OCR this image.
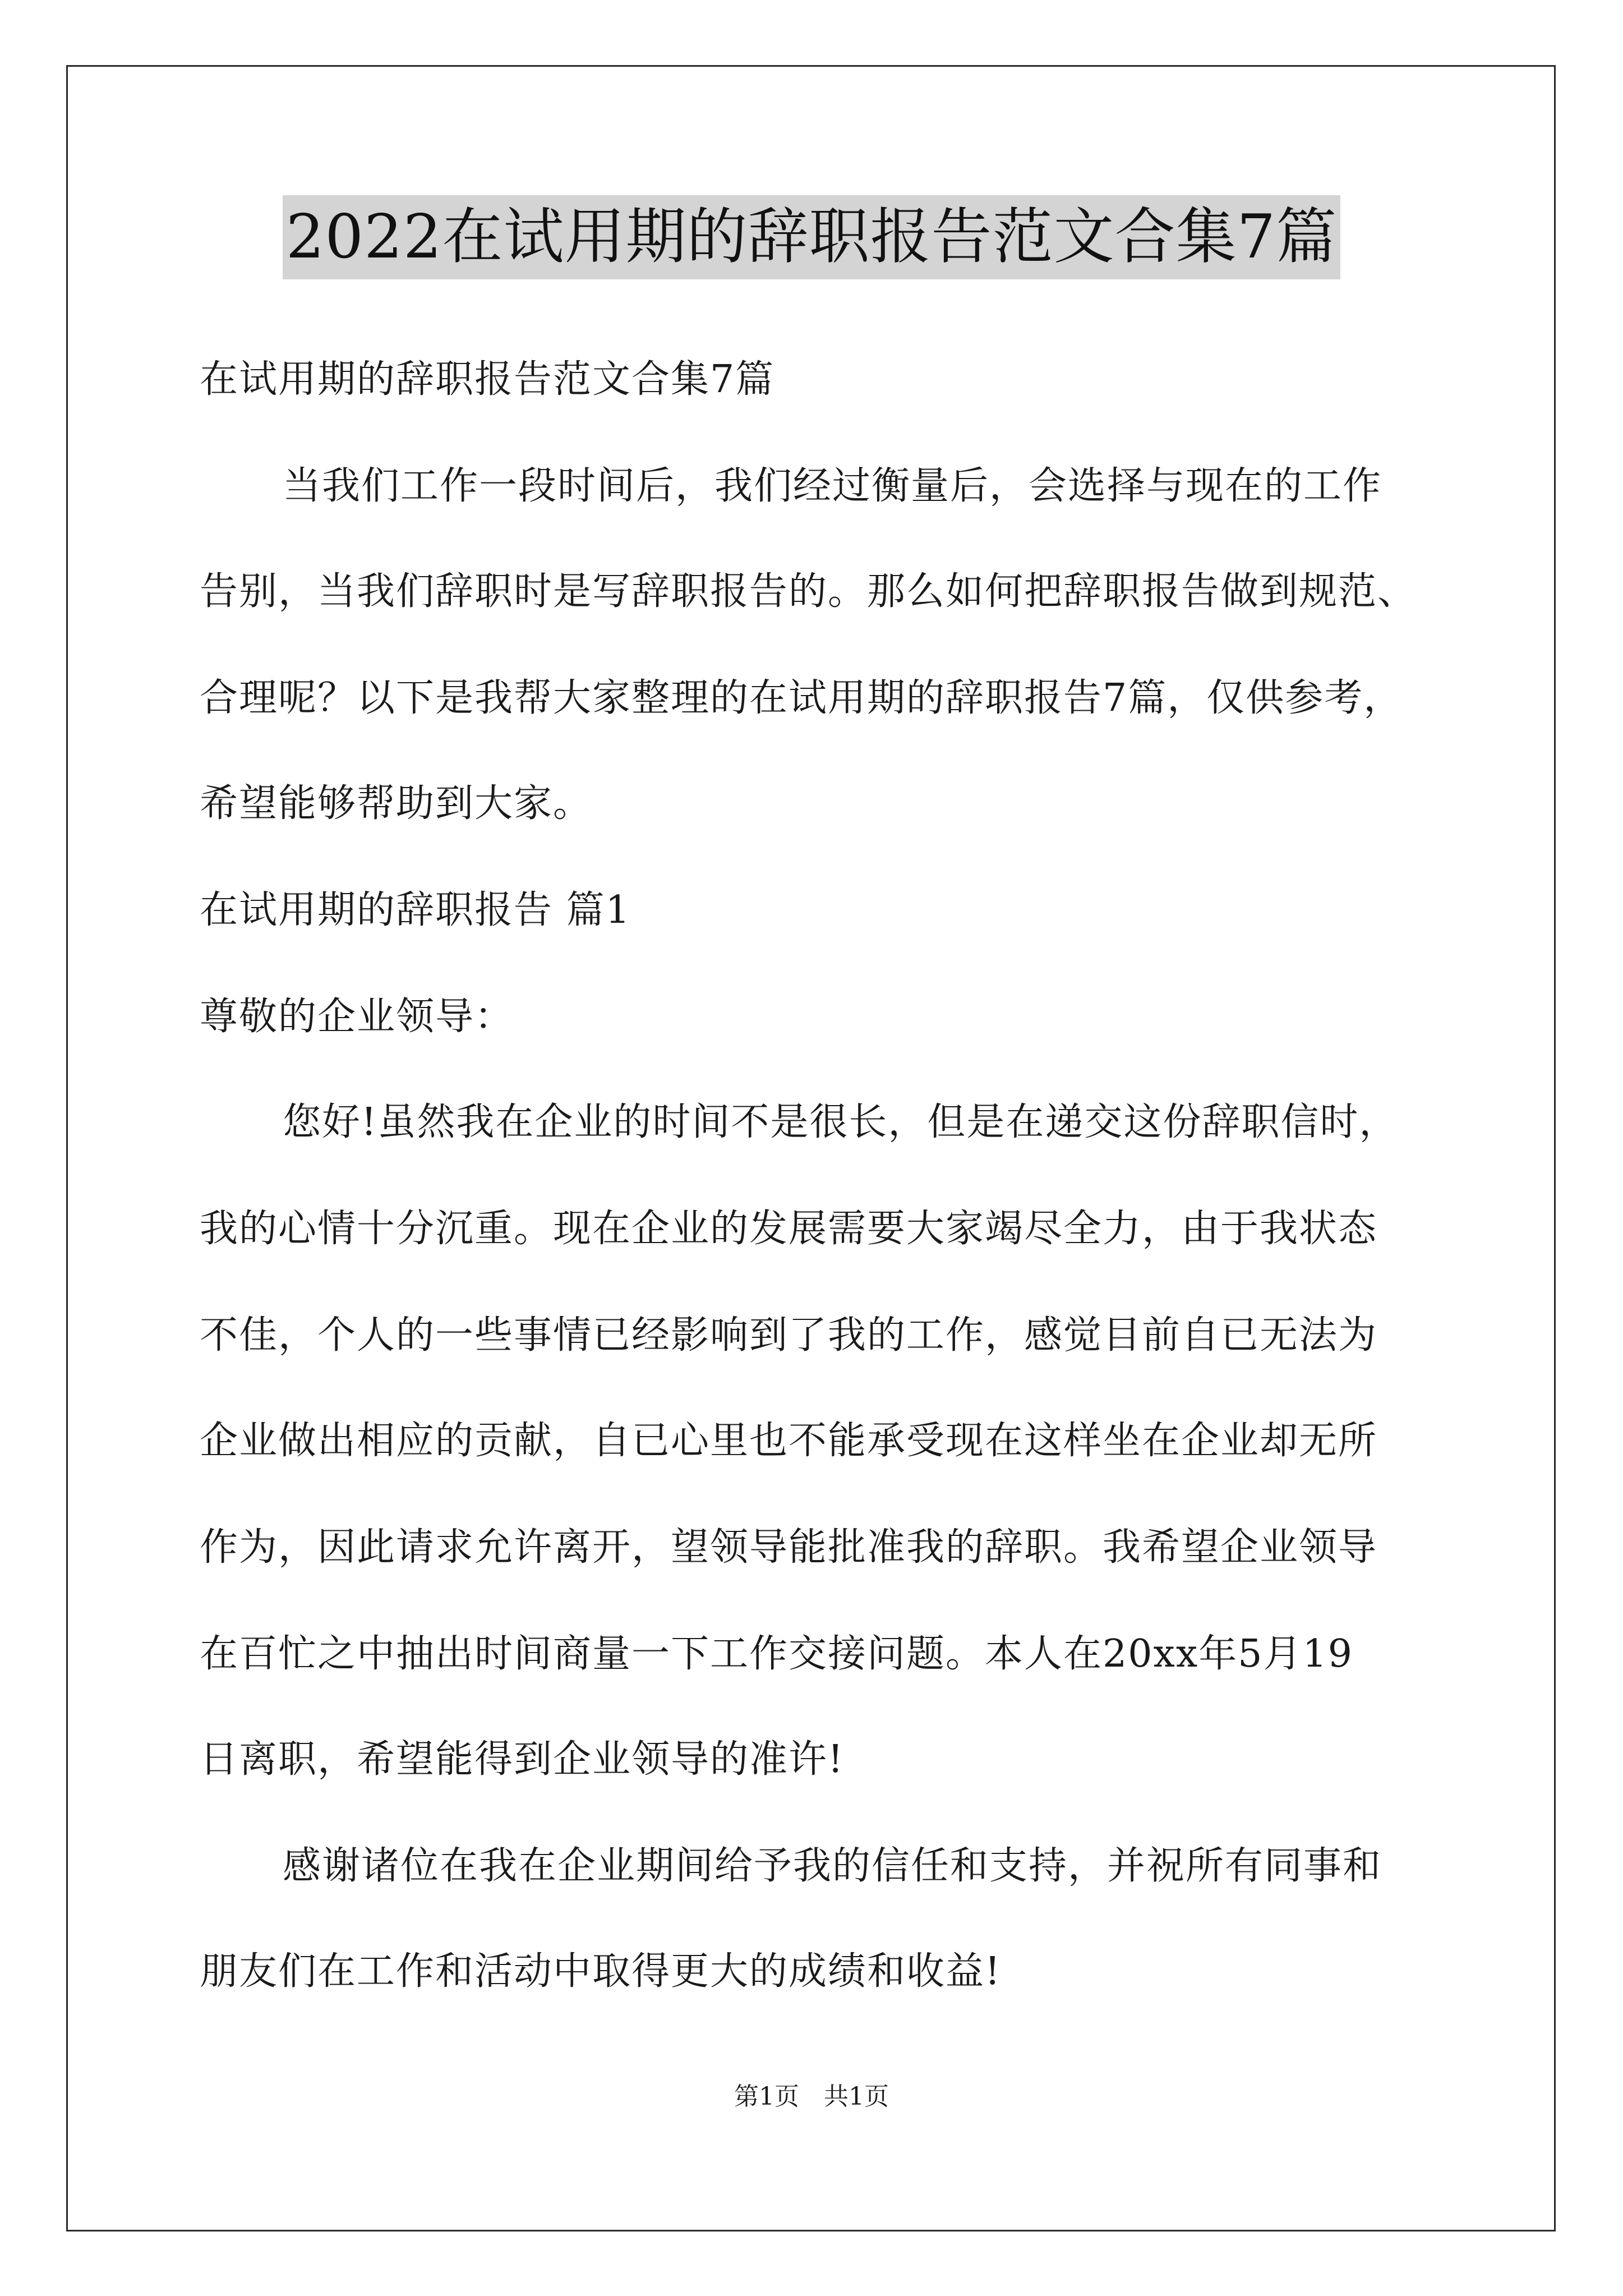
2022在试用期的辞职报告范文合集7篇
在试用期的辞职报告范文合集7篇
当我们工作一段时间后，我们经过衡量后，会选择与现在的工作
告别，当我们辞职时是写辞职报告的。那么如何把辞职报告做到规范、
合理呢？以下是我帮大家整理的在试用期的辞职报告7篇，仅供参考，
希望能够帮助到大家。
在试用期的辞职报告 篇1
尊敬的企业领导：
您好!虽然我在企业的时间不是很长，但是在递交这份辞职信时，
我的心情十分沉重。现在企业的发展需要大家竭尽全力，由于我状态
不佳，个人的一些事情已经影响到了我的工作，感觉目前自已无法为
企业做出相应的贡献，自已心里也不能承受现在这样坐在企业却无所
作为，因此请求允许离开，望领导能批准我的辞职。我希望企业领导
在百忙之中抽出时间商量一下工作交接问题。本人在20xx年5月19
日离职，希望能得到企业领导的准许!
感谢诸位在我在企业期间给予我的信任和支持，并祝所有同事和
朋友们在工作和活动中取得更大的成绩和收益!
第1页　共1页
